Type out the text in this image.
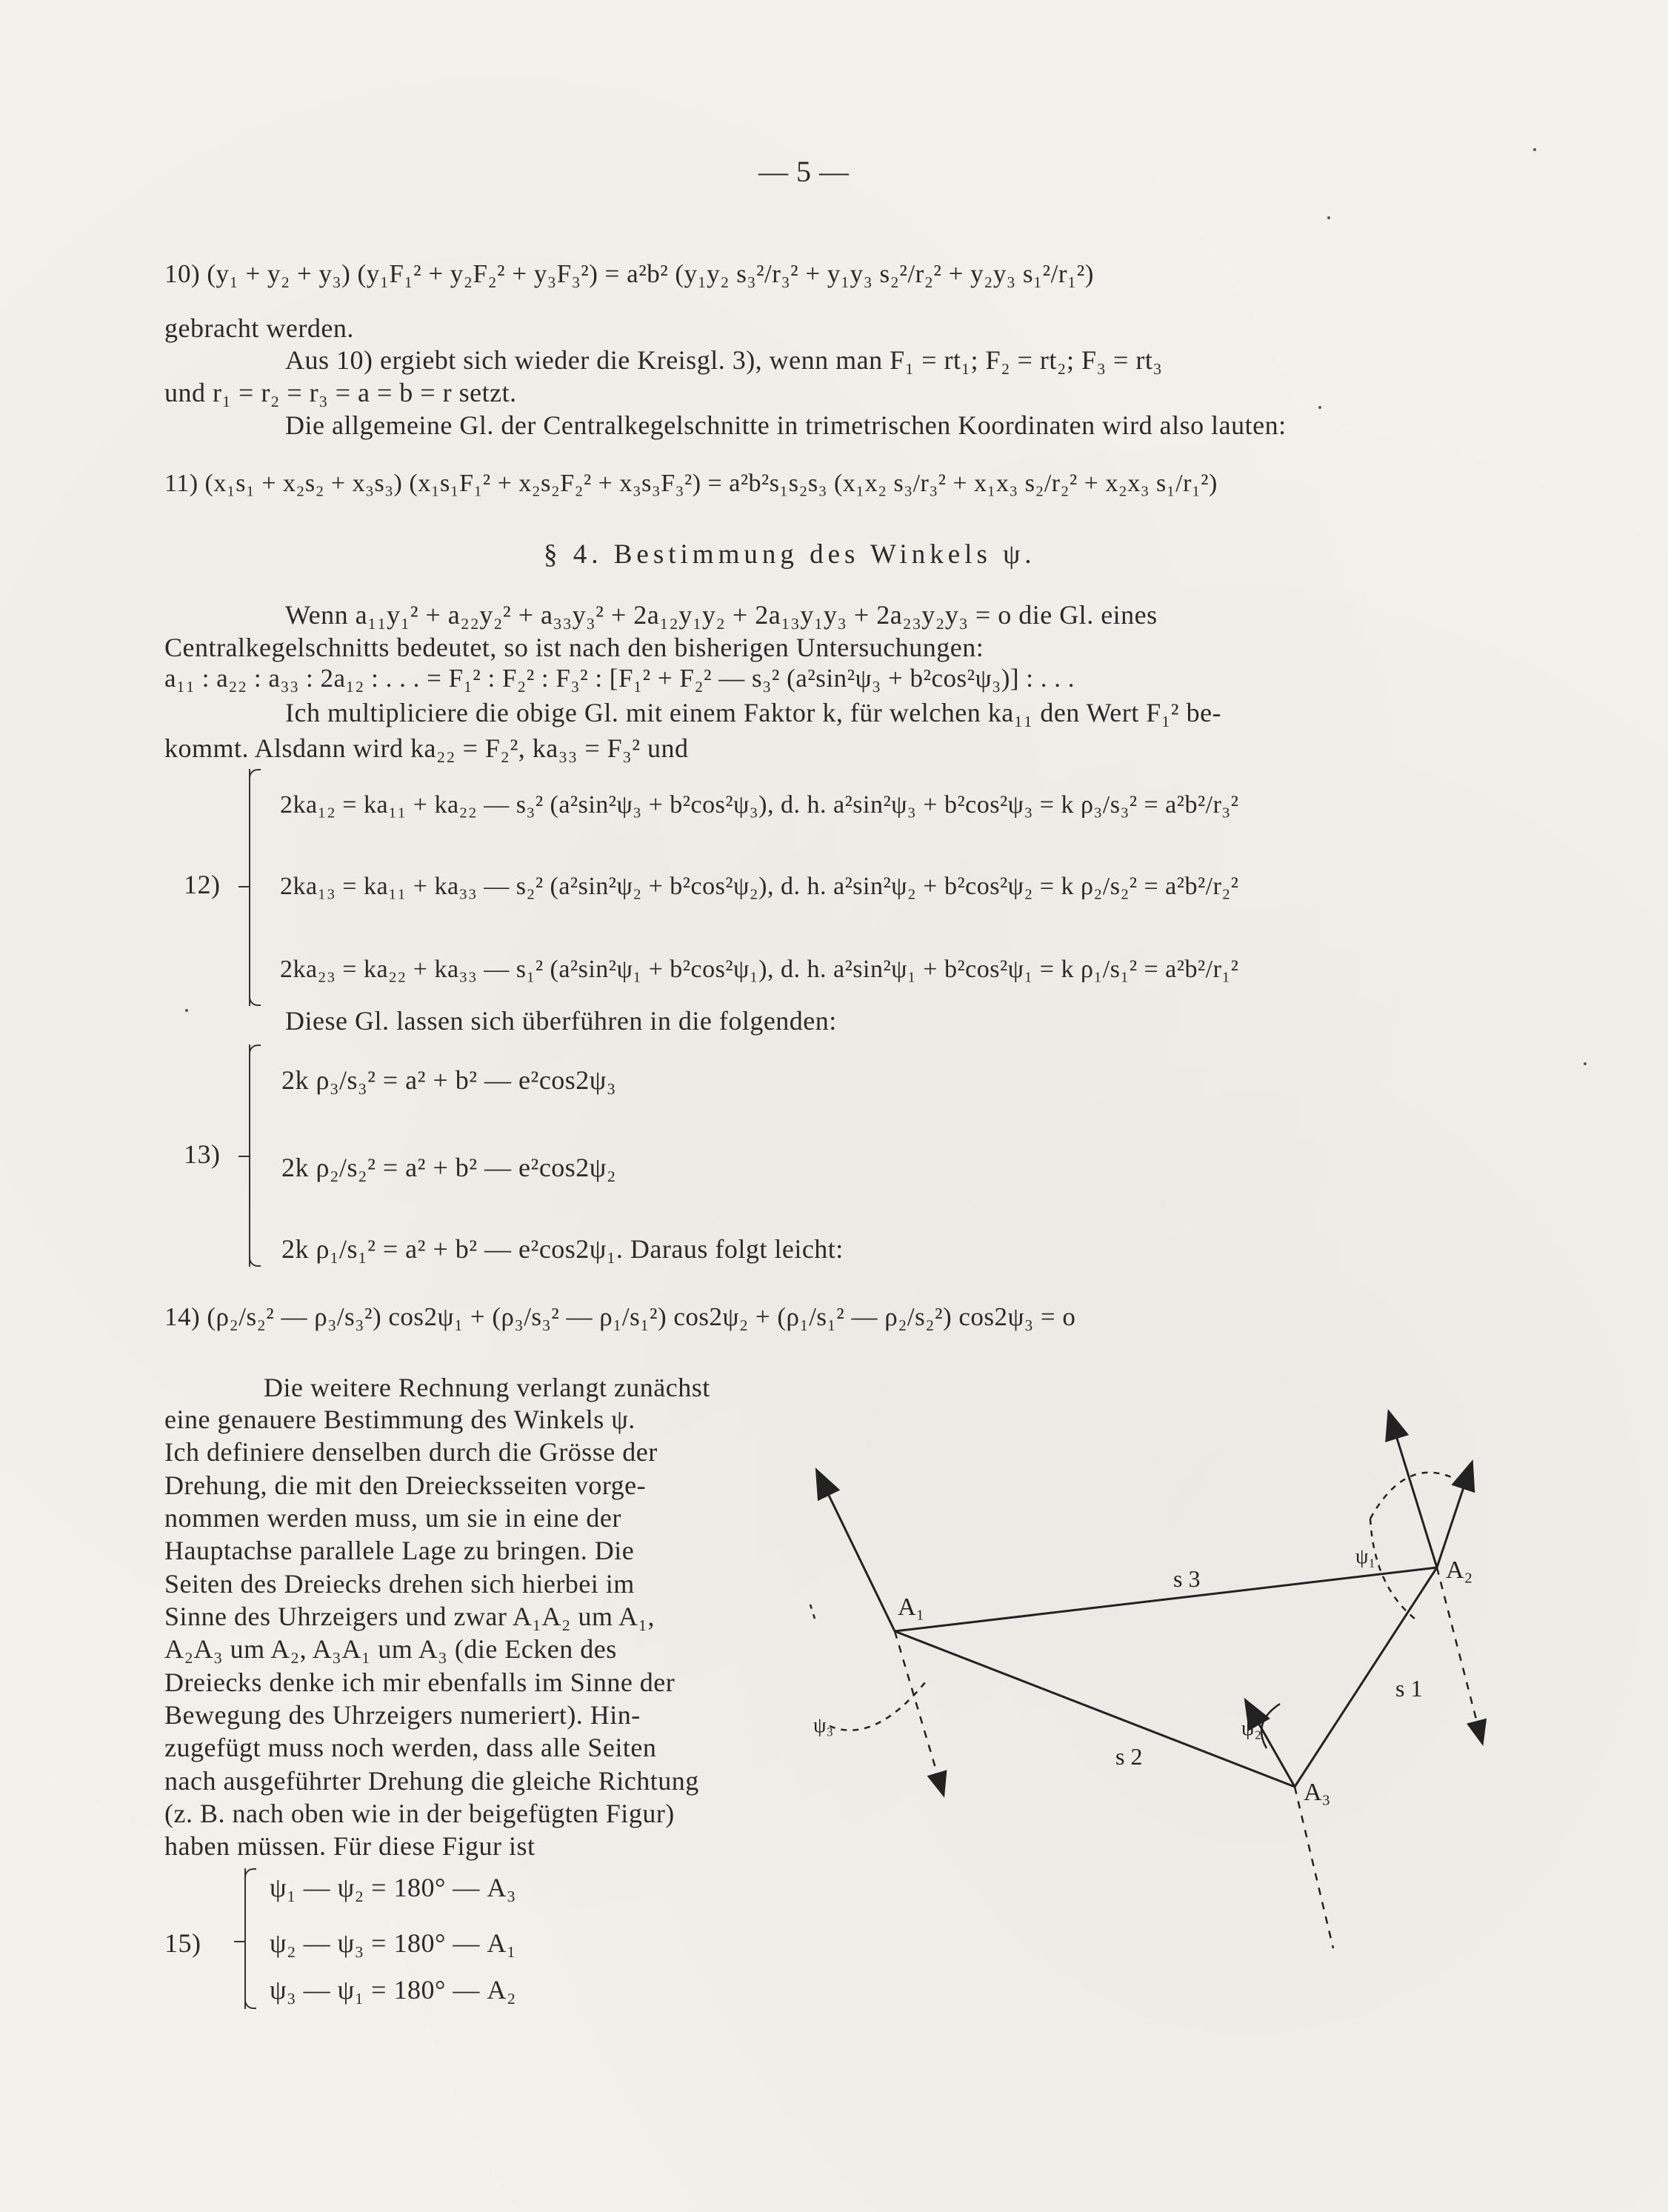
— 5 —
10) (y₁ + y₂ + y₃) (y₁F₁² + y₂F₂² + y₃F₃²) = a²b² (y₁y₂ s₃²/r₃² + y₁y₃ s₂²/r₂² + y₂y₃ s₁²/r₁²)
gebracht werden.
Aus 10) ergiebt sich wieder die Kreisgl. 3), wenn man F₁ = rt₁; F₂ = rt₂; F₃ = rt₃
und r₁ = r₂ = r₃ = a = b = r setzt.
Die allgemeine Gl. der Centralkegelschnitte in trimetrischen Koordinaten wird also lauten:
11) (x₁s₁ + x₂s₂ + x₃s₃) (x₁s₁F₁² + x₂s₂F₂² + x₃s₃F₃²) = a²b²s₁s₂s₃ (x₁x₂ s₃/r₃² + x₁x₃ s₂/r₂² + x₂x₃ s₁/r₁²)
§ 4. Bestimmung des Winkels ψ.
Wenn a₁₁y₁² + a₂₂y₂² + a₃₃y₃² + 2a₁₂y₁y₂ + 2a₁₃y₁y₃ + 2a₂₃y₂y₃ = o die Gl. eines
Centralkegelschnitts bedeutet, so ist nach den bisherigen Untersuchungen:
a₁₁ : a₂₂ : a₃₃ : 2a₁₂ : . . . = F₁² : F₂² : F₃² : [F₁² + F₂² — s₃² (a²sin²ψ₃ + b²cos²ψ₃)] : . . .
Ich multipliciere die obige Gl. mit einem Faktor k, für welchen ka₁₁ den Wert F₁² be-
kommt. Alsdann wird ka₂₂ = F₂², ka₃₃ = F₃² und
12)
2ka₁₂ = ka₁₁ + ka₂₂ — s₃² (a²sin²ψ₃ + b²cos²ψ₃), d. h. a²sin²ψ₃ + b²cos²ψ₃ = k ρ₃/s₃² = a²b²/r₃²
2ka₁₃ = ka₁₁ + ka₃₃ — s₂² (a²sin²ψ₂ + b²cos²ψ₂), d. h. a²sin²ψ₂ + b²cos²ψ₂ = k ρ₂/s₂² = a²b²/r₂²
2ka₂₃ = ka₂₂ + ka₃₃ — s₁² (a²sin²ψ₁ + b²cos²ψ₁), d. h. a²sin²ψ₁ + b²cos²ψ₁ = k ρ₁/s₁² = a²b²/r₁²
Diese Gl. lassen sich überführen in die folgenden:
13)
2k ρ₃/s₃² = a² + b² — e²cos2ψ₃
2k ρ₂/s₂² = a² + b² — e²cos2ψ₂
2k ρ₁/s₁² = a² + b² — e²cos2ψ₁. Daraus folgt leicht:
14) (ρ₂/s₂² — ρ₃/s₃²) cos2ψ₁ + (ρ₃/s₃² — ρ₁/s₁²) cos2ψ₂ + (ρ₁/s₁² — ρ₂/s₂²) cos2ψ₃ = o
Die weitere Rechnung verlangt zunächst
eine genauere Bestimmung des Winkels ψ.
Ich definiere denselben durch die Grösse der
Drehung, die mit den Dreiecksseiten vorge-
nommen werden muss, um sie in eine der
Hauptachse parallele Lage zu bringen. Die
Seiten des Dreiecks drehen sich hierbei im
Sinne des Uhrzeigers und zwar A₁A₂ um A₁,
A₂A₃ um A₂, A₃A₁ um A₃ (die Ecken des
Dreiecks denke ich mir ebenfalls im Sinne der
Bewegung des Uhrzeigers numeriert). Hin-
zugefügt muss noch werden, dass alle Seiten
nach ausgeführter Drehung die gleiche Richtung
(z. B. nach oben wie in der beigefügten Figur)
haben müssen. Für diese Figur ist
15)
ψ₁ — ψ₂ = 180° — A₃
ψ₂ — ψ₃ = 180° — A₁
ψ₃ — ψ₁ = 180° — A₂
A₁
A₂
A₃
s 3
s 1
s 2
ψ₁
ψ₂
ψ₃
